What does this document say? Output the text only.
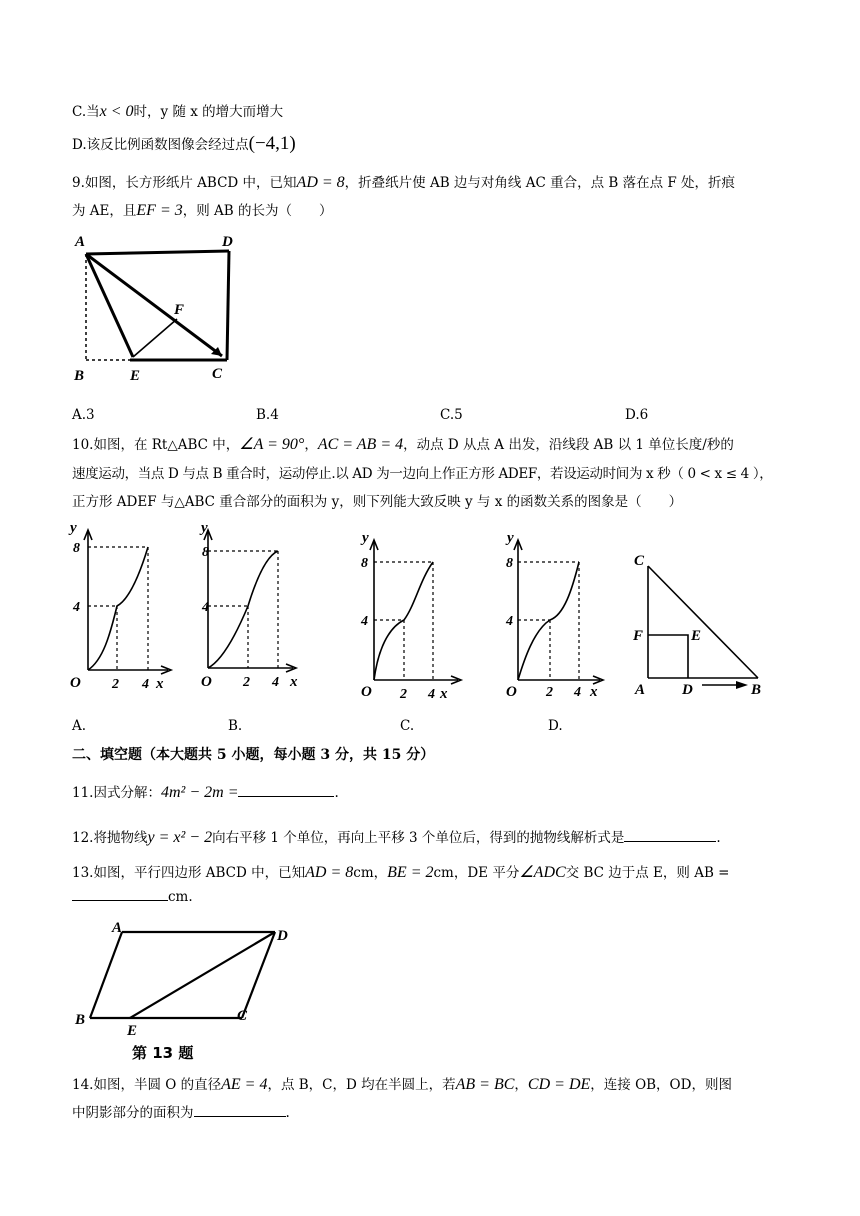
C.当x < 0时，y 随 x 的增大而增大
D.该反比例函数图像会经过点(−4,1)
9.如图，长方形纸片 ABCD 中，已知AD = 8，折叠纸片使 AB 边与对角线 AC 重合，点 B 落在点 F 处，折痕
为 AE，且EF = 3，则 AB 的长为（　　）
A	D
F
B	E	C
A.3	B.4	C.5	D.6
10.如图，在 Rt△ABC 中，∠A = 90°，AC = AB = 4，动点 D 从点 A 出发，沿线段 AB 以 1 单位长度/秒的
速度运动，当点 D 与点 B 重合时，运动停止.以 AD 为一边向上作正方形 ADEF，若设运动时间为 x 秒（ 0 < x ≤ 4 ），
正方形 ADEF 与△ABC 重合部分的面积为 y，则下列能大致反映 y 与 x 的函数关系的图象是（　　）
y
8
4
O 2 4 x
y
8
4
O 2 4 x
y
8
4
O 2 4 x
y
8
4
O 2 4 x
C
F	E
A D	B
A.	B.	C.	D.
二、填空题（本大题共 5 小题，每小题 3 分，共 15 分）
11.因式分解：4m² − 2m =	.
12.将抛物线y = x² − 2向右平移 1 个单位，再向上平移 3 个单位后，得到的抛物线解析式是	.
13.如图，平行四边形 ABCD 中，已知AD = 8cm，BE = 2cm，DE 平分∠ADC交 BC 边于点 E，则 AB =
cm.
A	D
B
E
C
第 13 题
14.如图，半圆 O 的直径AE = 4，点 B，C，D 均在半圆上，若AB = BC，CD = DE，连接 OB，OD，则图
中阴影部分的面积为	.
